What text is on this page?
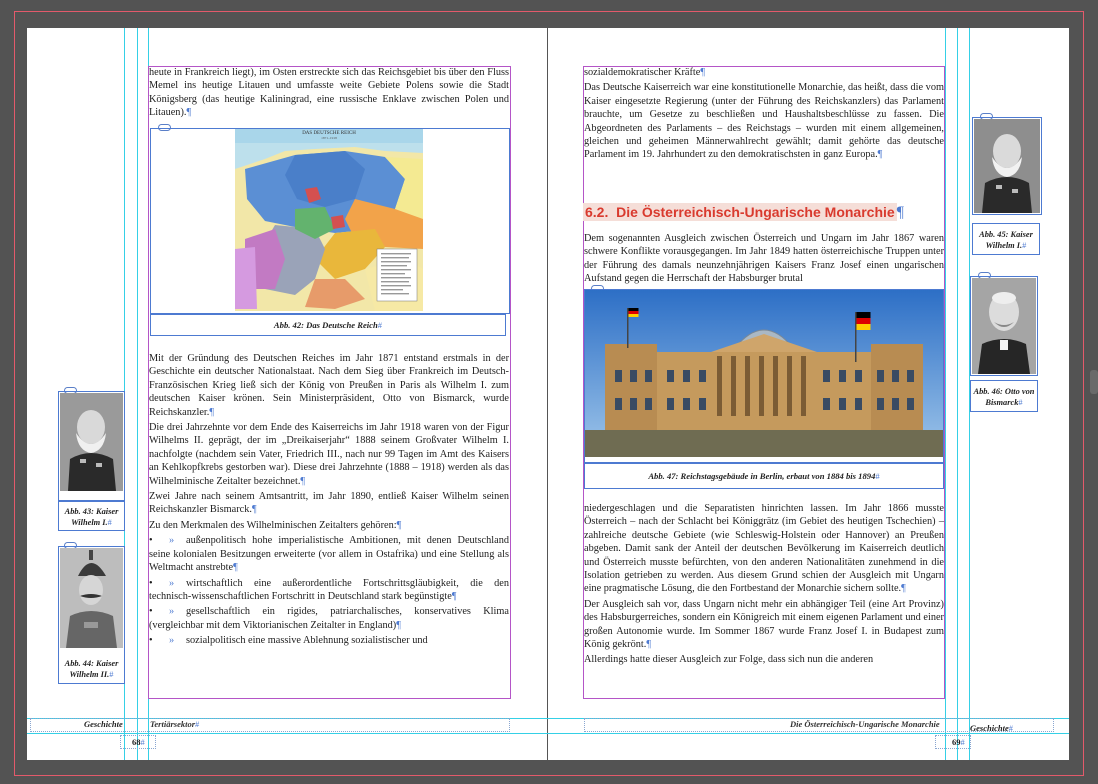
heute in Frankreich liegt), im Osten erstreckte sich das Reichsgebiet bis über den Fluss Memel ins heutige Litauen und umfasste weite Gebiete Polens sowie die Stadt Königsberg (das heutige Kaliningrad, eine russische Enklave zwischen Polen und Litauen).¶
DAS DEUTSCHE REICH
1871–1918
Abb. 42: Das Deutsche Reich#

Mit der Gründung des Deutschen Reiches im Jahr 1871 entstand erstmals in der Geschichte ein deutscher Nationalstaat. Nach dem Sieg über Frankreich im Deutsch-Französischen Krieg ließ sich der König von Preußen in Paris als Wilhelm I. zum deutschen Kaiser krönen. Sein Ministerpräsident, Otto von Bismarck, wurde Reichskanzler.¶

Die drei Jahrzehnte vor dem Ende des Kaiserreichs im Jahr 1918 waren von der Figur Wilhelms II. geprägt, der im „Dreikaiserjahr“ 1888 seinem Großvater Wilhelm I. nachfolgte (nachdem sein Vater, Friedrich III., nach nur 99 Tagen im Amt des Kaisers an Kehlkopfkrebs gestorben war). Diese drei Jahrzehnte (1888 – 1918) werden als das Wilhelminische Zeitalter bezeichnet.¶

Zwei Jahre nach seinem Amtsantritt, im Jahr 1890, entließ Kaiser Wilhelm seinen Reichskanzler Bismarck.¶

Zu den Merkmalen des Wilhelminischen Zeitalters gehören:¶

• » außenpolitisch hohe imperialistische Ambitionen, mit denen Deutschland seine kolonialen Besitzungen erweiterte (vor allem in Ostafrika) und eine Stellung als Weltmacht anstrebte¶
• » wirtschaftlich eine außerordentliche Fortschrittsgläubigkeit, die den technisch-wissenschaftlichen Fortschritt in Deutschland stark begünstigte¶
• » gesellschaftlich ein rigides, patriarchalisches, konservatives Klima (vergleichbar mit dem Viktorianischen Zeitalter in England)¶
• » sozialpolitisch eine massive Ablehnung sozialistischer und
Abb. 43: Kaiser Wilhelm I.#
Abb. 44: Kaiser Wilhelm II.#
Geschichte	Tertiärsektor#
68#

sozialdemokratischer Kräfte¶

Das Deutsche Kaiserreich war eine konstitutionelle Monarchie, das heißt, dass die vom Kaiser eingesetzte Regierung (unter der Führung des Reichskanzlers) das Parlament brauchte, um Gesetze zu beschließen und Haushaltsbeschlüsse zu fassen. Die Abgeordneten des Parlaments – des Reichstags – wurden mit einem allgemeinen, gleichen und geheimen Männerwahlrecht gewählt; damit gehörte das deutsche Parlament im 19. Jahrhundert zu den demokratischsten in ganz Europa.¶

6.2. Die Österreichisch-Ungarische Monarchie ¶
Dem sogenannten Ausgleich zwischen Österreich und Ungarn im Jahr 1867 waren schwere Konflikte vorausgegangen. Im Jahr 1849 hatten österreichische Truppen unter der Führung des damals neunzehnjährigen Kaisers Franz Josef einen ungarischen Aufstand gegen die Herrschaft der Habsburger brutal
Abb. 47: Reichstagsgebäude in Berlin, erbaut von 1884 bis 1894#

niedergeschlagen und die Separatisten hinrichten lassen. Im Jahr 1866 musste Österreich – nach der Schlacht bei Königgrätz (im Gebiet des heutigen Tschechien) – zahlreiche deutsche Gebiete (wie Schleswig-Holstein oder Hannover) an Preußen abgeben. Damit sank der Anteil der deutschen Bevölkerung im Kaiserreich deutlich und Österreich musste befürchten, von den anderen Nationalitäten zunehmend in die Isolation getrieben zu werden. Aus diesem Grund schien der Ausgleich mit Ungarn eine pragmatische Lösung, die den Fortbestand der Monarchie sichern sollte.¶

Der Ausgleich sah vor, dass Ungarn nicht mehr ein abhängiger Teil (eine Art Provinz) des Habsburgerreiches, sondern ein Königreich mit einem eigenen Parlament und einer großen Autonomie wurde. Im Sommer 1867 wurde Franz Josef I. in Budapest zum König gekrönt.¶

Allerdings hatte dieser Ausgleich zur Folge, dass sich nun die anderen

Abb. 45: Kaiser Wilhelm I.#
Abb. 46: Otto von Bismarck#
Die Österreichisch-Ungarische Monarchie	Geschichte#
69#
